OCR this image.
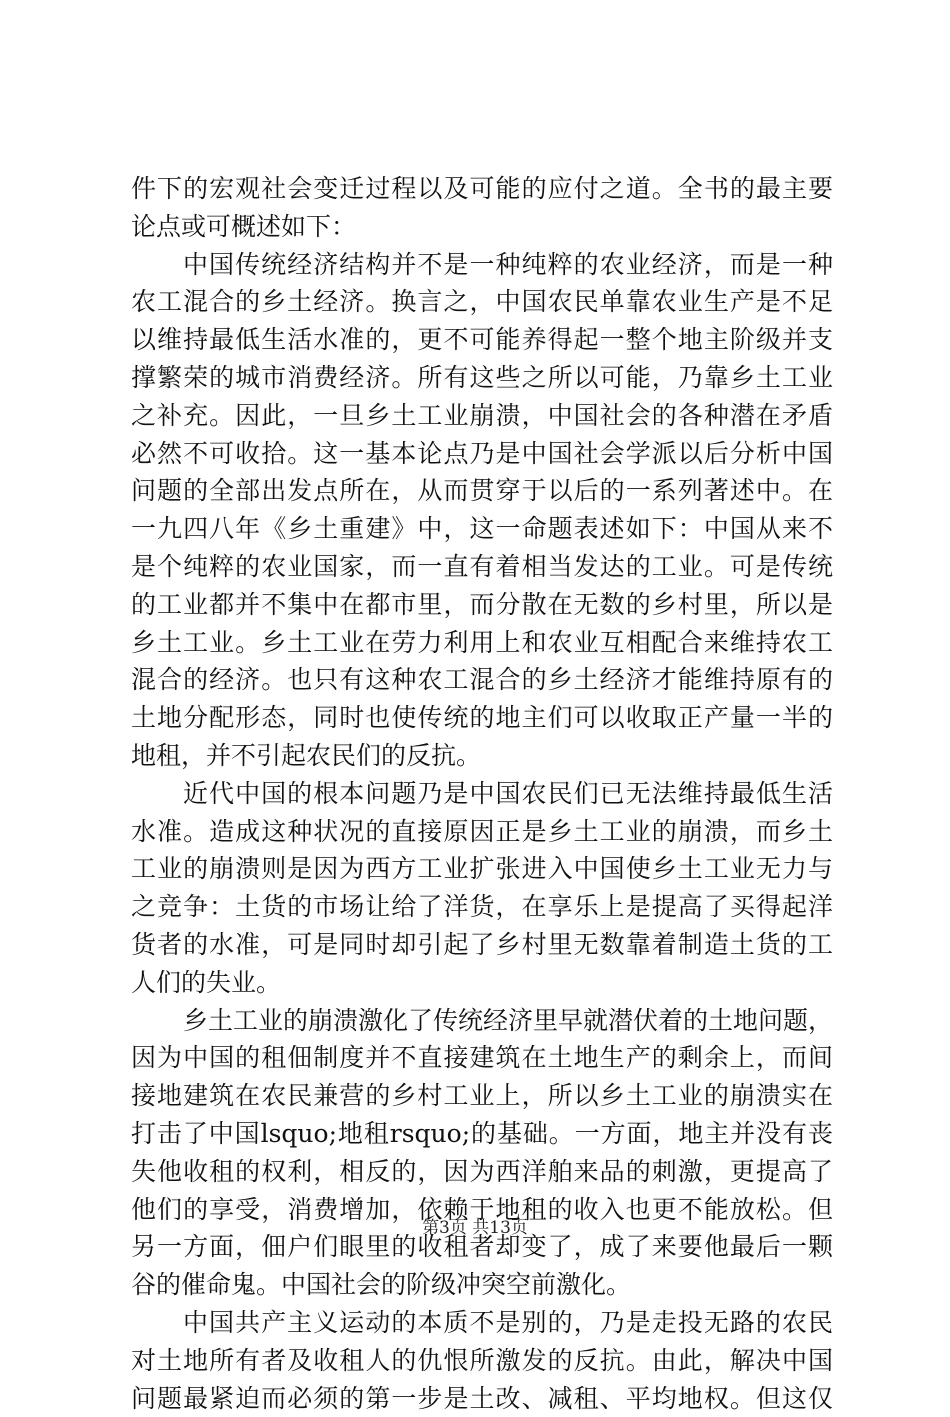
件下的宏观社会变迁过程以及可能的应付之道。全书的最主要
论点或可概述如下：
中国传统经济结构并不是一种纯粹的农业经济，而是一种
农工混合的乡土经济。换言之，中国农民单靠农业生产是不足
以维持最低生活水准的，更不可能养得起一整个地主阶级并支
撑繁荣的城市消费经济。所有这些之所以可能，乃靠乡土工业
之补充。因此，一旦乡土工业崩溃，中国社会的各种潜在矛盾
必然不可收拾。这一基本论点乃是中国社会学派以后分析中国
问题的全部出发点所在，从而贯穿于以后的一系列著述中。在
一九四八年《乡土重建》中，这一命题表述如下：中国从来不
是个纯粹的农业国家，而一直有着相当发达的工业。可是传统
的工业都并不集中在都市里，而分散在无数的乡村里，所以是
乡土工业。乡土工业在劳力利用上和农业互相配合来维持农工
混合的经济。也只有这种农工混合的乡土经济才能维持原有的
土地分配形态，同时也使传统的地主们可以收取正产量一半的
地租，并不引起农民们的反抗。
近代中国的根本问题乃是中国农民们已无法维持最低生活
水准。造成这种状况的直接原因正是乡土工业的崩溃，而乡土
工业的崩溃则是因为西方工业扩张进入中国使乡土工业无力与
之竞争：土货的市场让给了洋货，在享乐上是提高了买得起洋
货者的水准，可是同时却引起了乡村里无数靠着制造土货的工
人们的失业。
乡土工业的崩溃激化了传统经济里早就潜伏着的土地问题，
因为中国的租佃制度并不直接建筑在土地生产的剩余上，而间
接地建筑在农民兼营的乡村工业上，所以乡土工业的崩溃实在
打击了中国lsquo;地租rsquo;的基础。一方面，地主并没有丧
失他收租的权利，相反的，因为西洋舶来品的刺激，更提高了
他们的享受，消费增加，依赖于地租的收入也更不能放松。但
另一方面，佃户们眼里的收租者却变了，成了来要他最后一颗
谷的催命鬼。中国社会的阶级冲突空前激化。
中国共产主义运动的本质不是别的，乃是走投无路的农民
对土地所有者及收租人的仇恨所激发的反抗。由此，解决中国
问题最紧迫而必须的第一步是土改、减租、平均地权。但这仅
第3页 共13页
